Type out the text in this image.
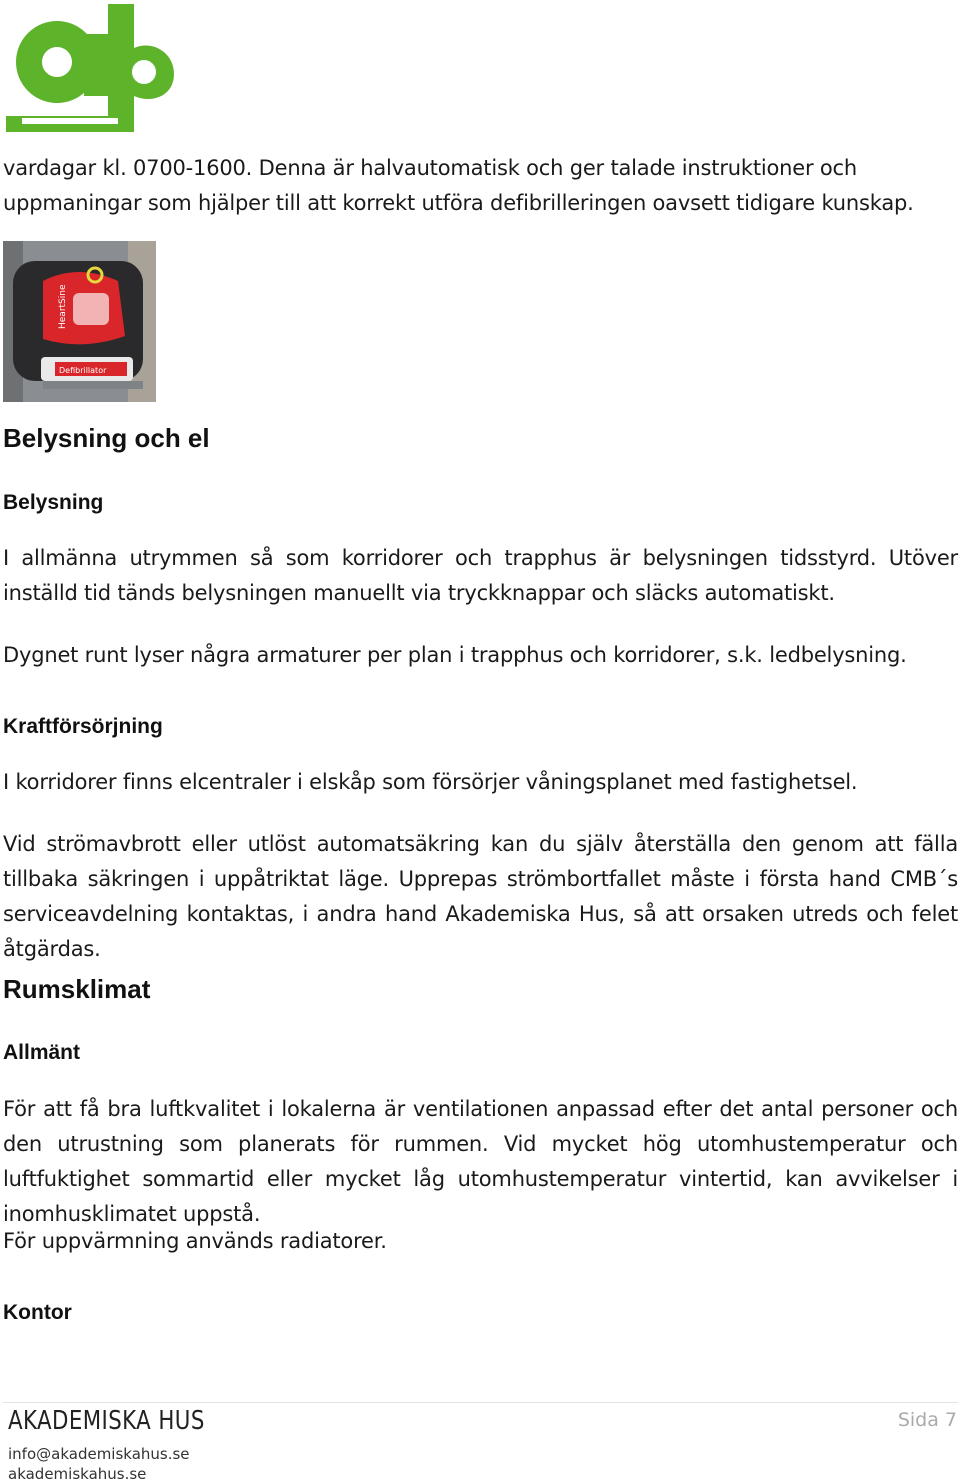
vardagar kl. 0700-1600. Denna är halvautomatisk och ger talade instruktioner och uppmaningar som hjälper till att korrekt utföra defibrilleringen oavsett tidigare kunskap.

HeartSine
Defibrillator
Belysning och el
Belysning

I allmänna utrymmen så som korridorer och trapphus är belysningen tidsstyrd. Utöver inställd tid tänds belysningen manuellt via tryckknappar och släcks automatiskt.

Dygnet runt lyser några armaturer per plan i trapphus och korridorer, s.k. ledbelysning.

Kraftförsörjning

I korridorer finns elcentraler i elskåp som försörjer våningsplanet med fastighetsel.

Vid strömavbrott eller utlöst automatsäkring kan du själv återställa den genom att fälla tillbaka säkringen i uppåtriktat läge. Upprepas strömbortfallet måste i första hand CMB´s serviceavdelning kontaktas, i andra hand Akademiska Hus, så att orsaken utreds och felet åtgärdas.

Rumsklimat
Allmänt

För att få bra luftkvalitet i lokalerna är ventilationen anpassad efter det antal personer och den utrustning som planerats för rummen. Vid mycket hög utomhustemperatur och luftfuktighet sommartid eller mycket låg utomhustemperatur vintertid, kan avvikelser i inomhusklimatet uppstå.

För uppvärmning används radiatorer.

Kontor
AKADEMISKA HUS
info@akademiskahus.se
akademiskahus.se
Sida 7
